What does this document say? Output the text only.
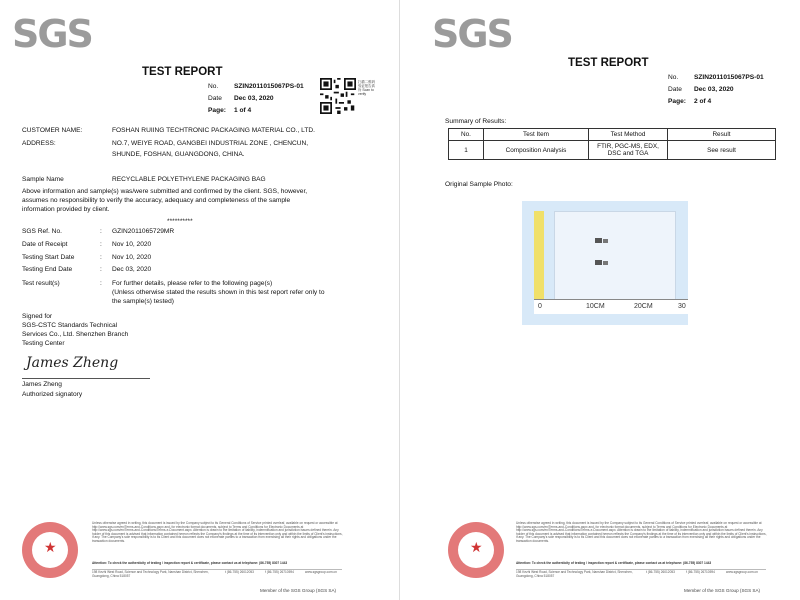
SGS
TEST REPORT
No. SZIN2011015067PS-01
Date Dec 03, 2020
Page: 1 of 4
扫描二维码 验证报告真伪 Scan to verify
CUSTOMER NAME:	FOSHAN RUIING TECHTRONIC PACKAGING MATERIAL CO., LTD.
ADDRESS:	NO.7, WEIYE ROAD, GANGBEI INDUSTRIAL ZONE , CHENCUN,
SHUNDE, FOSHAN, GUANGDONG, CHINA.
Sample Name	RECYCLABLE POLYETHYLENE PACKAGING BAG
Above information and sample(s) was/were submitted and confirmed by the client. SGS, however,
assumes no responsibility to verify the accuracy, adequacy and completeness of the sample
information provided by client.
**********
SGS Ref. No.	: GZIN2011065729MR
Date of Receipt	: Nov 10, 2020
Testing Start Date	: Nov 10, 2020
Testing End Date	: Dec 03, 2020
Test result(s)	: For further details, please refer to the following page(s)
(Unless otherwise stated the results shown in this test report refer only to
the sample(s) tested)
Signed for
SGS-CSTC Standards Technical
Services Co., Ltd. Shenzhen Branch
Testing Center
James Zheng
James Zheng
Authorized signatory
★
Unless otherwise agreed in writing, this document is issued by the Company subject to its General Conditions of Service printed overleaf, available on request or accessible at http://www.sgs.com/en/Terms-and-Conditions.aspx and, for electronic format documents, subject to Terms and Conditions for Electronic Documents at http://www.sgs.com/en/Terms-and-Conditions/Terms-e-Document.aspx. Attention is drawn to the limitation of liability, indemnification and jurisdiction issues defined therein. Any holder of this document is advised that information contained hereon reflects the Company's findings at the time of its intervention only and within the limits of Client's instructions, if any. The Company's sole responsibility is to its Client and this document does not exonerate parties to a transaction from exercising all their rights and obligations under the transaction documents.
Attention: To check the authenticity of testing / inspection report & certificate, please contact us at telephone: (86-755) 8307 1443
198 Kezhi West Road, Science and Technology Park, Nanshan District, Shenzhen, Guangdong, China 518057
t (86-755) 26012053	f (86-755) 26710594	www.sgsgroup.com.cn
Member of the SGS Group (SGS SA)
SGS
TEST REPORT
No. SZIN2011015067PS-01
Date Dec 03, 2020
Page: 2 of 4
Summary of Results:
No.	Test Item	Test Method	Result
1	Composition Analysis	FTIR, PGC-MS, EDX,
DSC and TGA	See result
Original Sample Photo:
0	10CM	20CM	30
★
Unless otherwise agreed in writing, this document is issued by the Company subject to its General Conditions of Service printed overleaf, available on request or accessible at http://www.sgs.com/en/Terms-and-Conditions.aspx and, for electronic format documents, subject to Terms and Conditions for Electronic Documents at http://www.sgs.com/en/Terms-and-Conditions/Terms-e-Document.aspx. Attention is drawn to the limitation of liability, indemnification and jurisdiction issues defined therein. Any holder of this document is advised that information contained hereon reflects the Company's findings at the time of its intervention only and within the limits of Client's instructions, if any. The Company's sole responsibility is to its Client and this document does not exonerate parties to a transaction from exercising all their rights and obligations under the transaction documents.
Attention: To check the authenticity of testing / inspection report & certificate, please contact us at telephone: (86-755) 8307 1443
198 Kezhi West Road, Science and Technology Park, Nanshan District, Shenzhen, Guangdong, China 518057
t (86-755) 26012053	f (86-755) 26710594	www.sgsgroup.com.cn
Member of the SGS Group (SGS SA)
